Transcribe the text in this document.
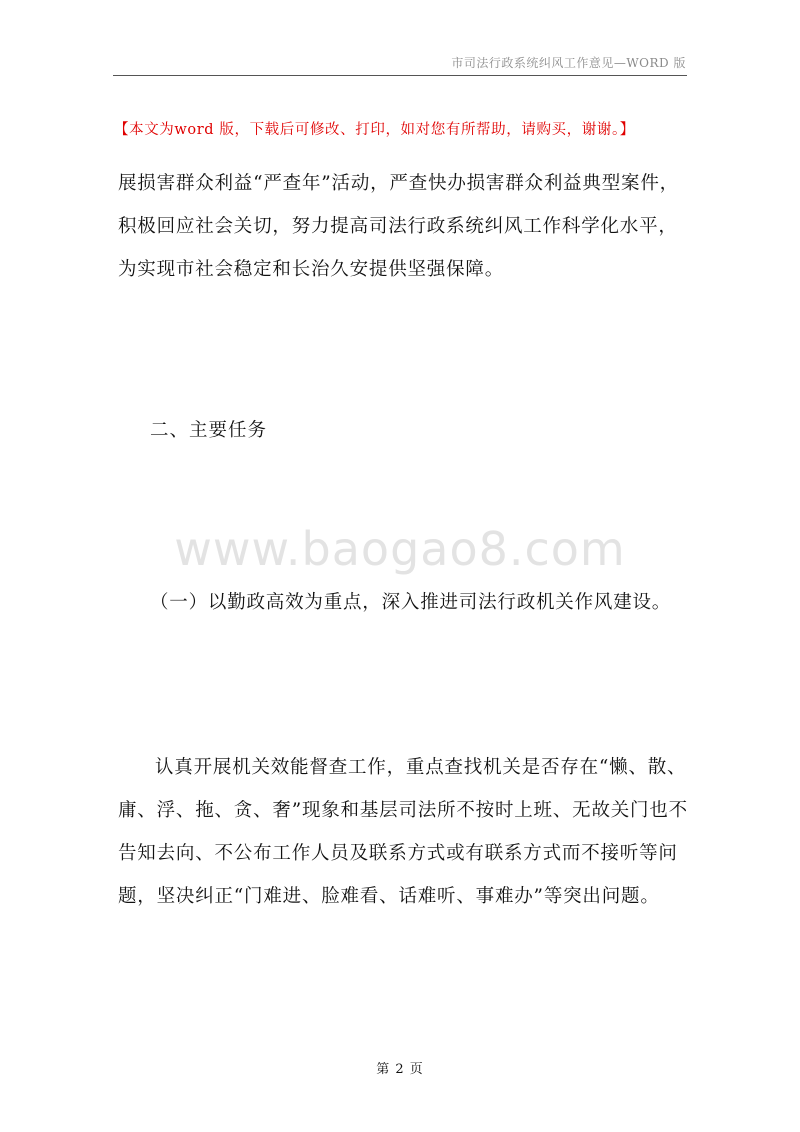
市司法行政系统纠风工作意见—WORD 版
【本文为word 版，下载后可修改、打印，如对您有所帮助，请购买，谢谢。】
展损害群众利益“严查年”活动，严查快办损害群众利益典型案件，积极回应社会关切，努力提高司法行政系统纠风工作科学化水平，为实现市社会稳定和长治久安提供坚强保障。
二、主要任务
www.baogao8.com
（一）以勤政高效为重点，深入推进司法行政机关作风建设。
认真开展机关效能督查工作，重点查找机关是否存在“懒、散、庸、浮、拖、贪、奢”现象和基层司法所不按时上班、无故关门也不告知去向、不公布工作人员及联系方式或有联系方式而不接听等问题，坚决纠正“门难进、脸难看、话难听、事难办”等突出问题。
第 2 页
